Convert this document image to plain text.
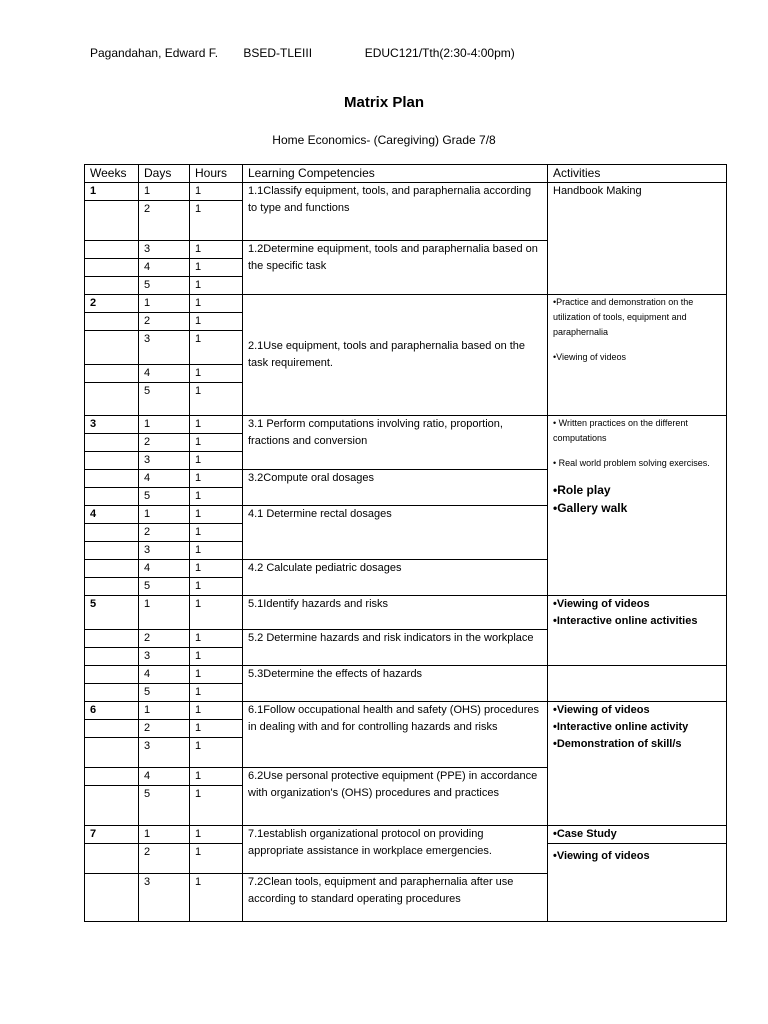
Pagandahan, Edward F. BSED-TLEIII	EDUC121/Tth(2:30-4:00pm)
Matrix Plan
Home Economics- (Caregiving) Grade 7/8
Weeks	Days	Hours	Learning Competencies	Activities
1	1	1	1.1Classify equipment, tools, and paraphernalia according to type and functions	Handbook Making

	2	1		
	3	1	1.2Determine equipment, tools and paraphernalia based on the specific task	
	4	1		
	5	1		
2	1	1	2.1Use equipment, tools and paraphernalia based on the task requirement.	•Practice and demonstration on the utilization of tools, equipment and paraphernalia
•Viewing of videos

	2	1		
	3	1		
	4	1		
	5	1		
3	1	1	3.1 Perform computations involving ratio, proportion, fractions and conversion	• Written practices on the different computations
• Real world problem solving exercises.
•Role play
•Gallery walk

	2	1		
	3	1		
	4	1	3.2Compute oral dosages	
	5	1		
4	1	1	4.1 Determine rectal dosages	
	2	1		
	3	1		
	4	1	4.2 Calculate pediatric dosages	
	5	1		
5	1	1	5.1Identify hazards and risks	•Viewing of videos
•Interactive online activities

	2	1	5.2 Determine hazards and risk indicators in the workplace	
	3	1		
	4	1	5.3Determine the effects of hazards	
	5	1		
6	1	1	6.1Follow occupational health and safety (OHS) procedures in dealing with and for controlling hazards and risks	•Viewing of videos
•Interactive online activity
•Demonstration of skill/s

	2	1		
	3	1		
	4	1	6.2Use personal protective equipment (PPE) in accordance with organization's (OHS) procedures and practices	
	5	1		
7	1	1	7.1establish organizational protocol on providing appropriate assistance in workplace emergencies.	•Case Study

	2	1		•Viewing of videos

	3	1	7.2Clean tools, equipment and paraphernalia after use according to standard operating procedures	
